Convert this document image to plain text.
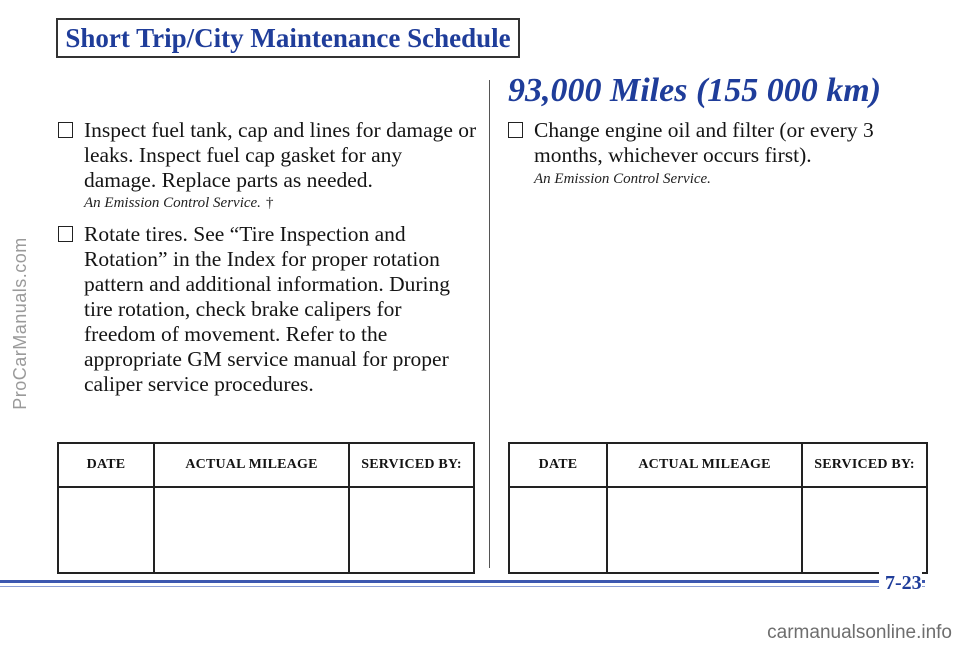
ProCarManuals.com
Short Trip/City Maintenance Schedule
Inspect fuel tank, cap and lines for damage or leaks. Inspect fuel cap gasket for any damage. Replace parts as needed.
An Emission Control Service. †
Rotate tires. See “Tire Inspection and Rotation” in the Index for proper rotation pattern and additional information. During tire rotation, check brake calipers for freedom of movement. Refer to the appropriate GM service manual for proper caliper service procedures.
DATE	ACTUAL MILEAGE	SERVICED BY:

93,000 Miles (155 000 km)
Change engine oil and filter (or every 3 months, whichever occurs first).
An Emission Control Service.
DATE	ACTUAL MILEAGE	SERVICED BY:

7-23
carmanualsonline.info
